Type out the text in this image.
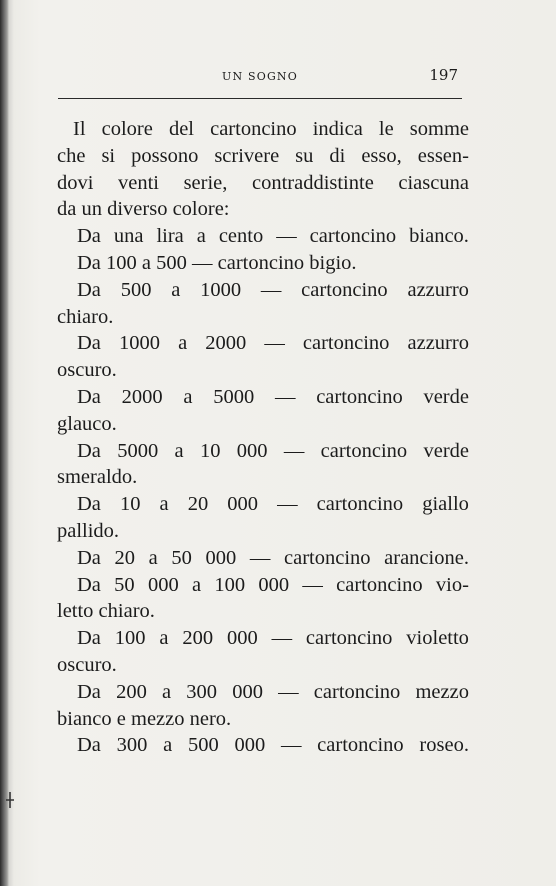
UN SOGNO	197
Il colore del cartoncino indica le somme
che si possono scrivere su di esso, essen-
dovi venti serie, contraddistinte ciascuna
da un diverso colore:
Da una lira a cento — cartoncino bianco.
Da 100 a 500 — cartoncino bigio.
Da 500 a 1000 — cartoncino azzurro
chiaro.
Da 1000 a 2000 — cartoncino azzurro
oscuro.
Da 2000 a 5000 — cartoncino verde
glauco.
Da 5000 a 10 000 — cartoncino verde
smeraldo.
Da 10 a 20 000 — cartoncino giallo
pallido.
Da 20 a 50 000 — cartoncino arancione.
Da 50 000 a 100 000 — cartoncino vio-
letto chiaro.
Da 100 a 200 000 — cartoncino violetto
oscuro.
Da 200 a 300 000 — cartoncino mezzo
bianco e mezzo nero.
Da 300 a 500 000 — cartoncino roseo.
